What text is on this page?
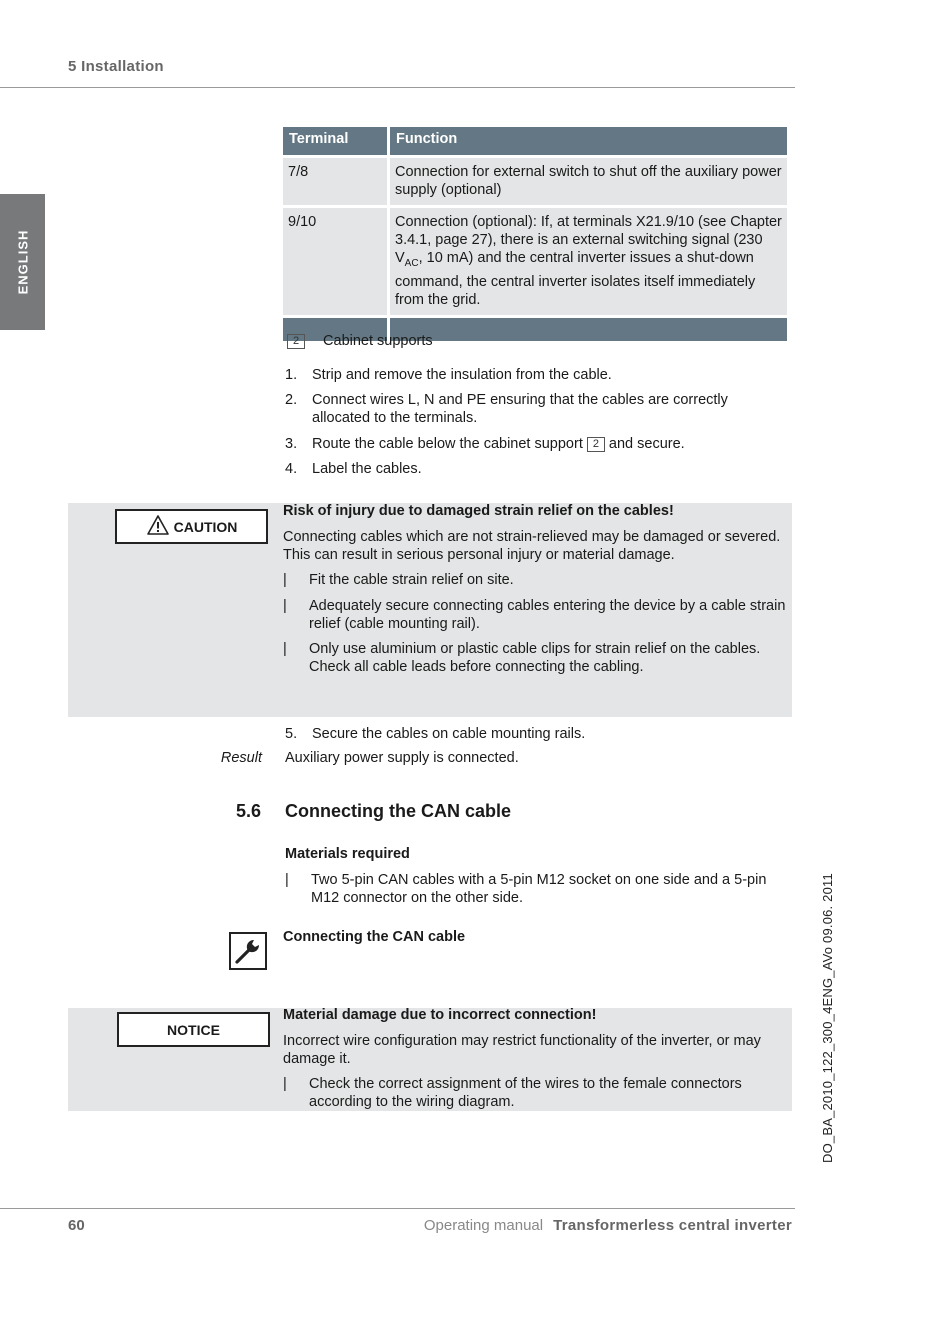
5 Installation
ENGLISH
Terminal	Function
7/8	Connection for external switch to shut off the auxiliary power supply (optional)
9/10	Connection (optional): If, at terminals X21.9/10 (see Chapter 3.4.1, page 27), there is an external switching signal (230 $V_{AC}$, 10 mA) and the central inverter issues a shut-down command, the central inverter isolates itself immediately from the grid.

2 Cabinet supports
1. Strip and remove the insulation from the cable.
2. Connect wires L, N and PE ensuring that the cables are correctly allocated to the terminals.
3. Route the cable below the cabinet support 2 and secure.
4. Label the cables.
CAUTION
Risk of injury due to damaged strain relief on the cables!
Connecting cables which are not strain-relieved may be damaged or severed. This can result in serious personal injury or material damage.
| Fit the cable strain relief on site.
| Adequately secure connecting cables entering the device by a cable strain relief (cable mounting rail).
| Only use aluminium or plastic cable clips for strain relief on the cables. Check all cable leads before connecting the cabling.
5. Secure the cables on cable mounting rails.
Result Auxiliary power supply is connected.
5.6 Connecting the CAN cable
Materials required
| Two 5-pin CAN cables with a 5-pin M12 socket on one side and a 5-pin M12 connector on the other side.
Connecting the CAN cable
NOTICE
Material damage due to incorrect connection!
Incorrect wire configuration may restrict functionality of the inverter, or may damage it.
| Check the correct assignment of the wires to the female connectors according to the wiring diagram.	DO_BA_2010_122_300_4ENG_AVo 09.06. 2011
60	Operating manual Transformerless central inverter
